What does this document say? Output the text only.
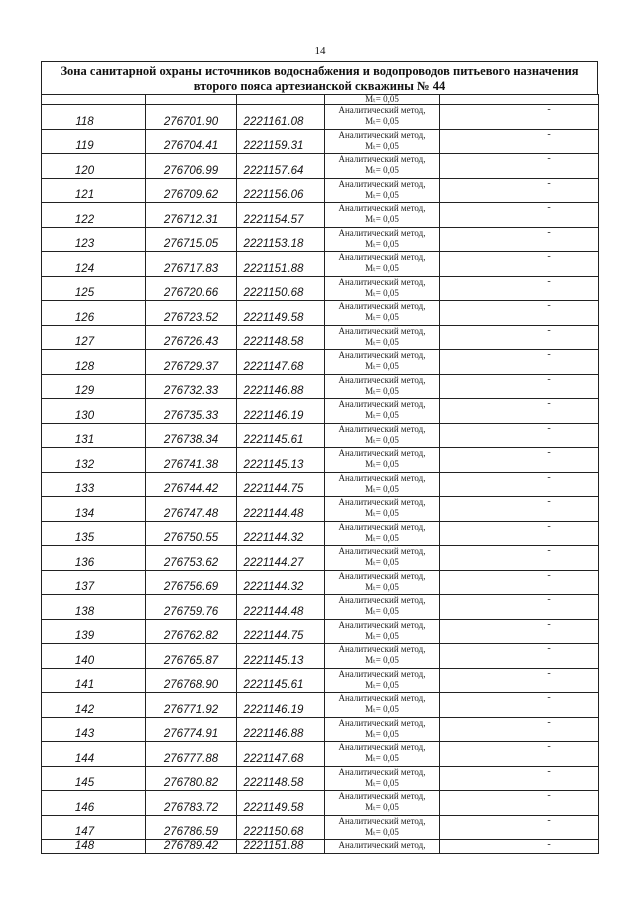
14
Зона санитарной охраны источников водоснабжения и водопроводов питьевого назначения
второго пояса артезианской скважины № 44
			Mₜ= 0,05	
118	276701.90	2221161.08	Аналитический метод,
Mₜ= 0,05	-
119	276704.41	2221159.31	Аналитический метод,
Mₜ= 0,05	-
120	276706.99	2221157.64	Аналитический метод,
Mₜ= 0,05	-
121	276709.62	2221156.06	Аналитический метод,
Mₜ= 0,05	-
122	276712.31	2221154.57	Аналитический метод,
Mₜ= 0,05	-
123	276715.05	2221153.18	Аналитический метод,
Mₜ= 0,05	-
124	276717.83	2221151.88	Аналитический метод,
Mₜ= 0,05	-
125	276720.66	2221150.68	Аналитический метод,
Mₜ= 0,05	-
126	276723.52	2221149.58	Аналитический метод,
Mₜ= 0,05	-
127	276726.43	2221148.58	Аналитический метод,
Mₜ= 0,05	-
128	276729.37	2221147.68	Аналитический метод,
Mₜ= 0,05	-
129	276732.33	2221146.88	Аналитический метод,
Mₜ= 0,05	-
130	276735.33	2221146.19	Аналитический метод,
Mₜ= 0,05	-
131	276738.34	2221145.61	Аналитический метод,
Mₜ= 0,05	-
132	276741.38	2221145.13	Аналитический метод,
Mₜ= 0,05	-
133	276744.42	2221144.75	Аналитический метод,
Mₜ= 0,05	-
134	276747.48	2221144.48	Аналитический метод,
Mₜ= 0,05	-
135	276750.55	2221144.32	Аналитический метод,
Mₜ= 0,05	-
136	276753.62	2221144.27	Аналитический метод,
Mₜ= 0,05	-
137	276756.69	2221144.32	Аналитический метод,
Mₜ= 0,05	-
138	276759.76	2221144.48	Аналитический метод,
Mₜ= 0,05	-
139	276762.82	2221144.75	Аналитический метод,
Mₜ= 0,05	-
140	276765.87	2221145.13	Аналитический метод,
Mₜ= 0,05	-
141	276768.90	2221145.61	Аналитический метод,
Mₜ= 0,05	-
142	276771.92	2221146.19	Аналитический метод,
Mₜ= 0,05	-
143	276774.91	2221146.88	Аналитический метод,
Mₜ= 0,05	-
144	276777.88	2221147.68	Аналитический метод,
Mₜ= 0,05	-
145	276780.82	2221148.58	Аналитический метод,
Mₜ= 0,05	-
146	276783.72	2221149.58	Аналитический метод,
Mₜ= 0,05	-
147	276786.59	2221150.68	Аналитический метод,
Mₜ= 0,05	-
148	276789.42	2221151.88	Аналитический метод,	-
